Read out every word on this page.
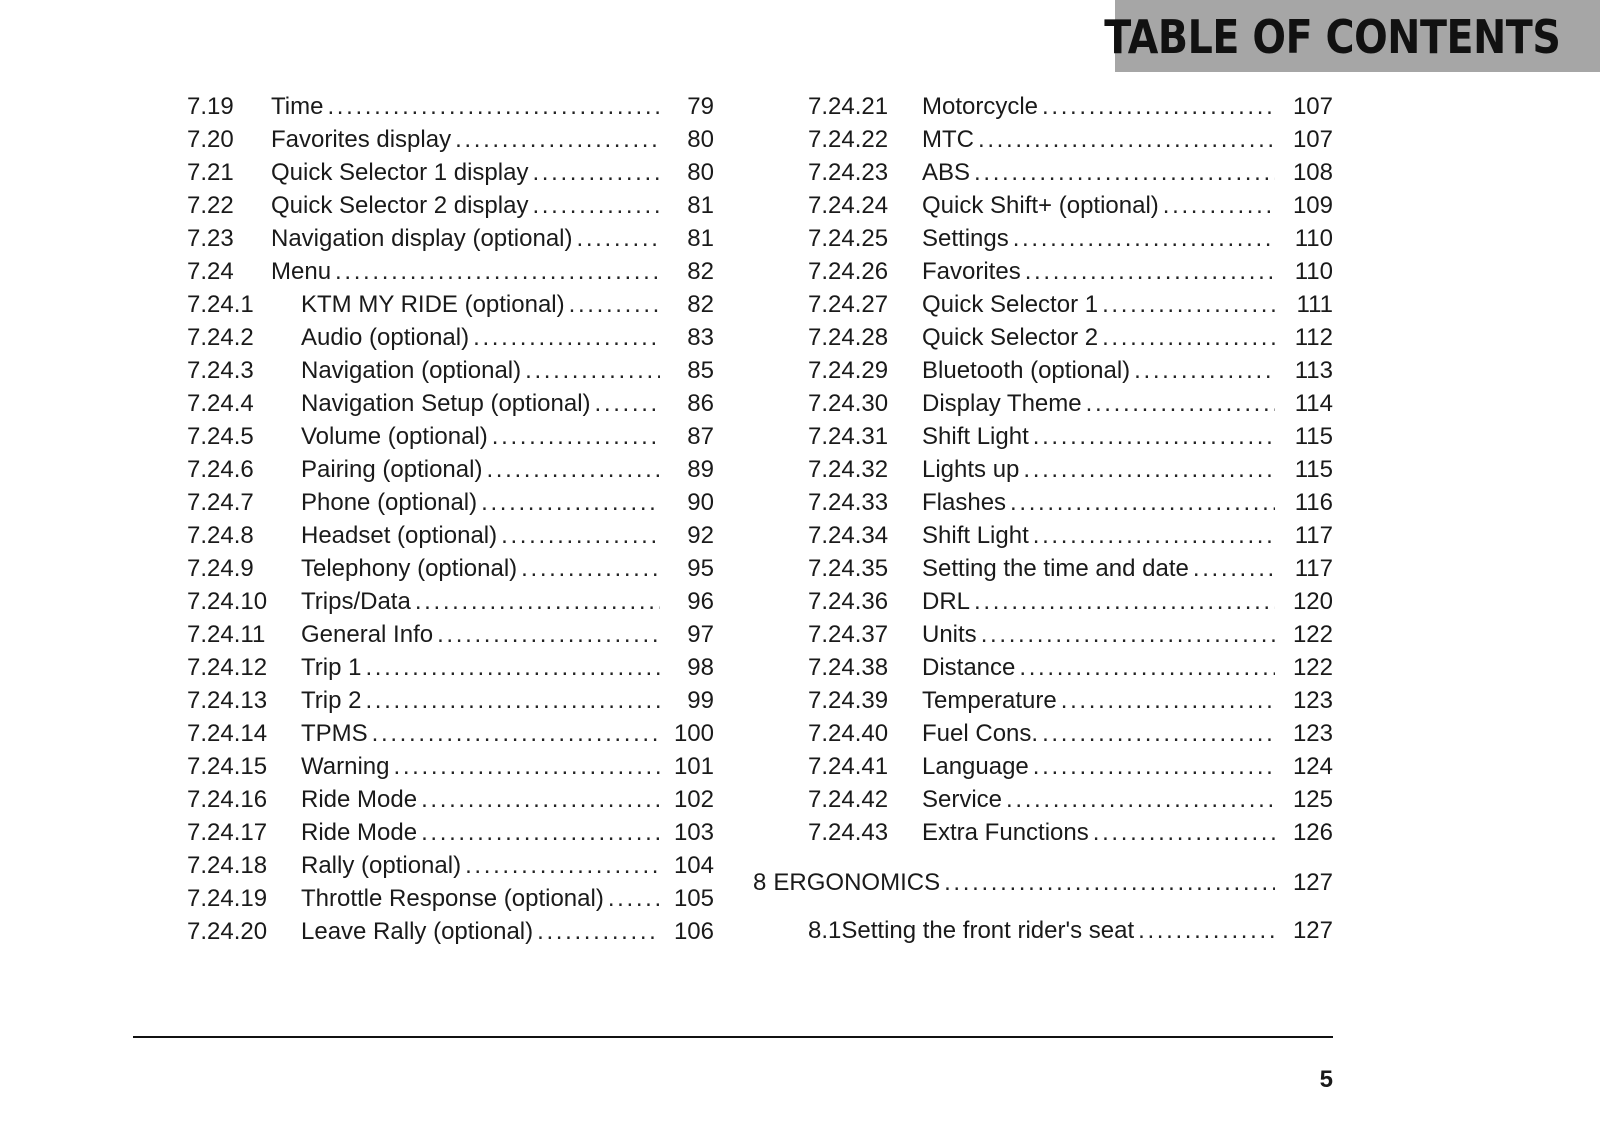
TABLE OF CONTENTS
7.19	Time . . .	79
7.20	Favorites display . . .	80
7.21	Quick Selector 1 display . . .	80
7.22	Quick Selector 2 display . . .	81
7.23	Navigation display (optional) . . .	81
7.24	Menu . . .	82
7.24.1	KTM MY RIDE (optional) . . .	82
7.24.2	Audio (optional) . . .	83
7.24.3	Navigation (optional) . . .	85
7.24.4	Navigation Setup (optional) . . .	86
7.24.5	Volume (optional) . . .	87
7.24.6	Pairing (optional) . . .	89
7.24.7	Phone (optional) . . .	90
7.24.8	Headset (optional) . . .	92
7.24.9	Telephony (optional) . . .	95
7.24.10	Trips/Data . . .	96
7.24.11	General Info . . .	97
7.24.12	Trip 1 . . .	98
7.24.13	Trip 2 . . .	99
7.24.14	TPMS . . .	100
7.24.15	Warning . . .	101
7.24.16	Ride Mode . . .	102
7.24.17	Ride Mode . . .	103
7.24.18	Rally (optional) . . .	104
7.24.19	Throttle Response (optional) . . .	105
7.24.20	Leave Rally (optional) . . .	106
7.24.21	Motorcycle . . .	107
7.24.22	MTC . . .	107
7.24.23	ABS . . .	108
7.24.24	Quick Shift+ (optional) . . .	109
7.24.25	Settings . . .	110
7.24.26	Favorites . . .	110
7.24.27	Quick Selector 1 . . .	111
7.24.28	Quick Selector 2 . . .	112
7.24.29	Bluetooth (optional) . . .	113
7.24.30	Display Theme . . .	114
7.24.31	Shift Light . . .	115
7.24.32	Lights up . . .	115
7.24.33	Flashes . . .	116
7.24.34	Shift Light . . .	117
7.24.35	Setting the time and date . . .	117
7.24.36	DRL . . .	120
7.24.37	Units . . .	122
7.24.38	Distance . . .	122
7.24.39	Temperature . . .	123
7.24.40	Fuel Cons. . . .	123
7.24.41	Language . . .	124
7.24.42	Service . . .	125
7.24.43	Extra Functions . . .	126
8 ERGONOMICS . . .	127
8.1 Setting the front rider's seat . . .	127
5
